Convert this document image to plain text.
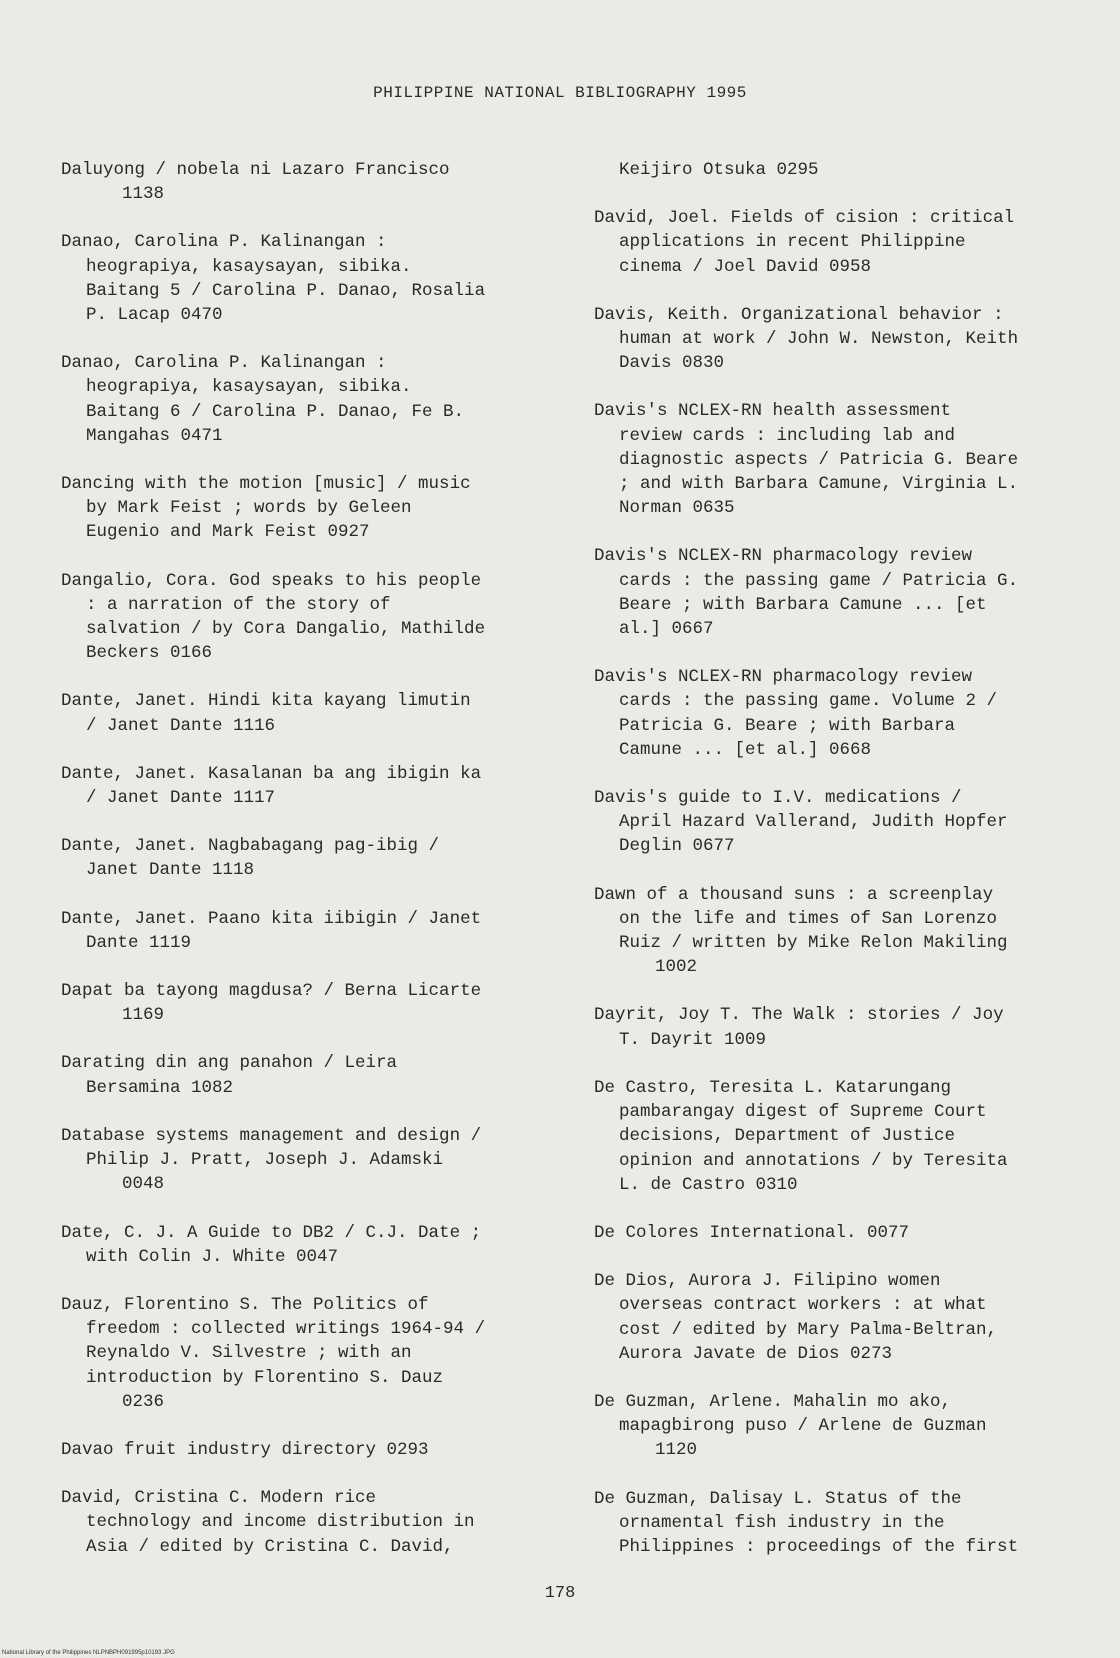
PHILIPPINE NATIONAL BIBLIOGRAPHY 1995
Daluyong / nobela ni Lazaro Francisco
1138
Danao, Carolina P. Kalinangan :
heograpiya, kasaysayan, sibika.
Baitang 5 / Carolina P. Danao, Rosalia
P. Lacap 0470
Danao, Carolina P. Kalinangan :
heograpiya, kasaysayan, sibika.
Baitang 6 / Carolina P. Danao, Fe B.
Mangahas 0471
Dancing with the motion [music] / music
by Mark Feist ; words by Geleen
Eugenio and Mark Feist 0927
Dangalio, Cora. God speaks to his people
: a narration of the story of
salvation / by Cora Dangalio, Mathilde
Beckers 0166
Dante, Janet. Hindi kita kayang limutin
/ Janet Dante 1116
Dante, Janet. Kasalanan ba ang ibigin ka
/ Janet Dante 1117
Dante, Janet. Nagbabagang pag-ibig /
Janet Dante 1118
Dante, Janet. Paano kita iibigin / Janet
Dante 1119
Dapat ba tayong magdusa? / Berna Licarte
1169
Darating din ang panahon / Leira
Bersamina 1082
Database systems management and design /
Philip J. Pratt, Joseph J. Adamski
0048
Date, C. J. A Guide to DB2 / C.J. Date ;
with Colin J. White 0047
Dauz, Florentino S. The Politics of
freedom : collected writings 1964-94 /
Reynaldo V. Silvestre ; with an
introduction by Florentino S. Dauz
0236
Davao fruit industry directory 0293
David, Cristina C. Modern rice
technology and income distribution in
Asia / edited by Cristina C. David,
Keijiro Otsuka 0295
David, Joel. Fields of cision : critical
applications in recent Philippine
cinema / Joel David 0958
Davis, Keith. Organizational behavior :
human at work / John W. Newston, Keith
Davis 0830
Davis's NCLEX-RN health assessment
review cards : including lab and
diagnostic aspects / Patricia G. Beare
; and with Barbara Camune, Virginia L.
Norman 0635
Davis's NCLEX-RN pharmacology review
cards : the passing game / Patricia G.
Beare ; with Barbara Camune ... [et
al.] 0667
Davis's NCLEX-RN pharmacology review
cards : the passing game. Volume 2 /
Patricia G. Beare ; with Barbara
Camune ... [et al.] 0668
Davis's guide to I.V. medications /
April Hazard Vallerand, Judith Hopfer
Deglin 0677
Dawn of a thousand suns : a screenplay
on the life and times of San Lorenzo
Ruiz / written by Mike Relon Makiling
1002
Dayrit, Joy T. The Walk : stories / Joy
T. Dayrit 1009
De Castro, Teresita L. Katarungang
pambarangay digest of Supreme Court
decisions, Department of Justice
opinion and annotations / by Teresita
L. de Castro 0310
De Colores International. 0077
De Dios, Aurora J. Filipino women
overseas contract workers : at what
cost / edited by Mary Palma-Beltran,
Aurora Javate de Dios 0273
De Guzman, Arlene. Mahalin mo ako,
mapagbirong puso / Arlene de Guzman
1120
De Guzman, Dalisay L. Status of the
ornamental fish industry in the
Philippines : proceedings of the first
178
National Library of the Philippines NLPNBPH091995p10193 JPG
